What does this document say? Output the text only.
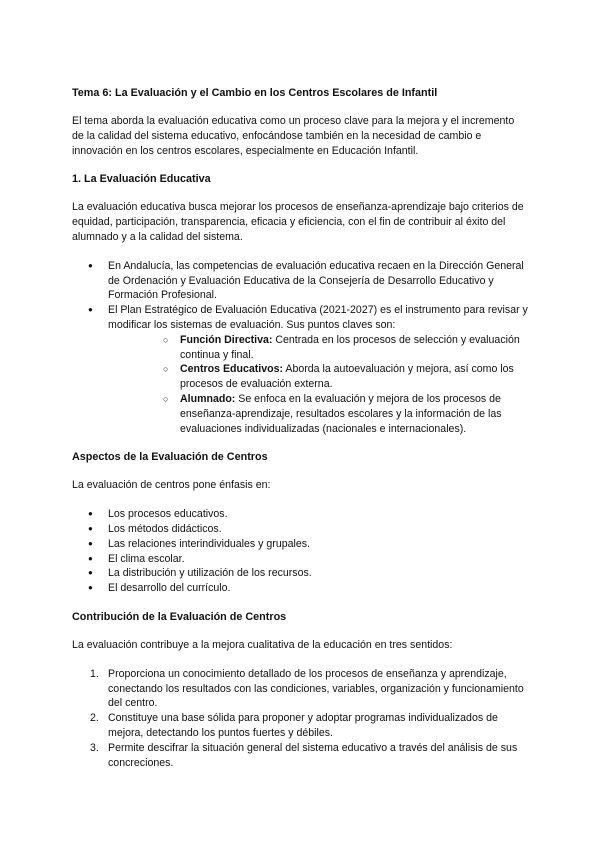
Tema 6: La Evaluación y el Cambio en los Centros Escolares de Infantil

El tema aborda la evaluación educativa como un proceso clave para la mejora y el incremento de la calidad del sistema educativo, enfocándose también en la necesidad de cambio e innovación en los centros escolares, especialmente en Educación Infantil.

1. La Evaluación Educativa

La evaluación educativa busca mejorar los procesos de enseñanza-aprendizaje bajo criterios de equidad, participación, transparencia, eficacia y eficiencia, con el fin de contribuir al éxito del alumnado y a la calidad del sistema.

● En Andalucía, las competencias de evaluación educativa recaen en la Dirección General de Ordenación y Evaluación Educativa de la Consejería de Desarrollo Educativo y Formación Profesional.
● El Plan Estratégico de Evaluación Educativa (2021-2027) es el instrumento para revisar y modificar los sistemas de evaluación. Sus puntos claves son:
○ Función Directiva: Centrada en los procesos de selección y evaluación continua y final.
○ Centros Educativos: Aborda la autoevaluación y mejora, así como los procesos de evaluación externa.
○ Alumnado: Se enfoca en la evaluación y mejora de los procesos de enseñanza-aprendizaje, resultados escolares y la información de las evaluaciones individualizadas (nacionales e internacionales).
Aspectos de la Evaluación de Centros

La evaluación de centros pone énfasis en:

● Los procesos educativos.
● Los métodos didácticos.
● Las relaciones interindividuales y grupales.
● El clima escolar.
● La distribución y utilización de los recursos.
● El desarrollo del currículo.
Contribución de la Evaluación de Centros

La evaluación contribuye a la mejora cualitativa de la educación en tres sentidos:

1. Proporciona un conocimiento detallado de los procesos de enseñanza y aprendizaje, conectando los resultados con las condiciones, variables, organización y funcionamiento del centro.
2. Constituye una base sólida para proponer y adoptar programas individualizados de mejora, detectando los puntos fuertes y débiles.
3. Permite descifrar la situación general del sistema educativo a través del análisis de sus concreciones.
